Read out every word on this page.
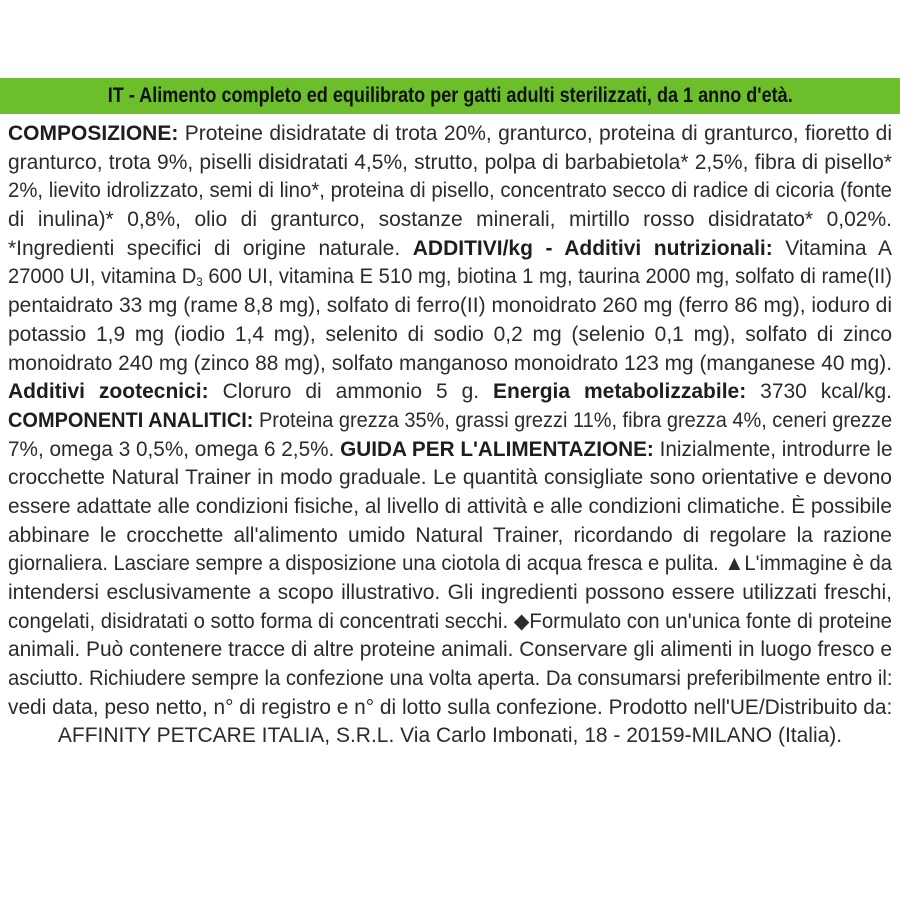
IT - Alimento completo ed equilibrato per gatti adulti sterilizzati, da 1 anno d'età.
COMPOSIZIONE: Proteine disidratate di trota 20%, granturco, proteina di granturco, fioretto di
granturco, trota 9%, piselli disidratati 4,5%, strutto, polpa di barbabietola* 2,5%, fibra di pisello*
2%, lievito idrolizzato, semi di lino*, proteina di pisello, concentrato secco di radice di cicoria (fonte
di inulina)* 0,8%, olio di granturco, sostanze minerali, mirtillo rosso disidratato* 0,02%.
*Ingredienti specifici di origine naturale. ADDITIVI/kg - Additivi nutrizionali: Vitamina A
27000 UI, vitamina $D_3$ 600 UI, vitamina E 510 mg, biotina 1 mg, taurina 2000 mg, solfato di rame(II)
pentaidrato 33 mg (rame 8,8 mg), solfato di ferro(II) monoidrato 260 mg (ferro 86 mg), ioduro di
potassio 1,9 mg (iodio 1,4 mg), selenito di sodio 0,2 mg (selenio 0,1 mg), solfato di zinco
monoidrato 240 mg (zinco 88 mg), solfato manganoso monoidrato 123 mg (manganese 40 mg).
Additivi zootecnici: Cloruro di ammonio 5 g. Energia metabolizzabile: 3730 kcal/kg.
COMPONENTI ANALITICI: Proteina grezza 35%, grassi grezzi 11%, fibra grezza 4%, ceneri grezze
7%, omega 3 0,5%, omega 6 2,5%. GUIDA PER L'ALIMENTAZIONE: Inizialmente, introdurre le
crocchette Natural Trainer in modo graduale. Le quantità consigliate sono orientative e devono
essere adattate alle condizioni fisiche, al livello di attività e alle condizioni climatiche. È possibile
abbinare le crocchette all'alimento umido Natural Trainer, ricordando di regolare la razione
giornaliera. Lasciare sempre a disposizione una ciotola di acqua fresca e pulita. ▲L'immagine è da
intendersi esclusivamente a scopo illustrativo. Gli ingredienti possono essere utilizzati freschi,
congelati, disidratati o sotto forma di concentrati secchi. ◆Formulato con un'unica fonte di proteine
animali. Può contenere tracce di altre proteine animali. Conservare gli alimenti in luogo fresco e
asciutto. Richiudere sempre la confezione una volta aperta. Da consumarsi preferibilmente entro il:
vedi data, peso netto, n° di registro e n° di lotto sulla confezione. Prodotto nell'UE/Distribuito da:
AFFINITY PETCARE ITALIA, S.R.L. Via Carlo Imbonati, 18 - 20159-MILANO (Italia).
